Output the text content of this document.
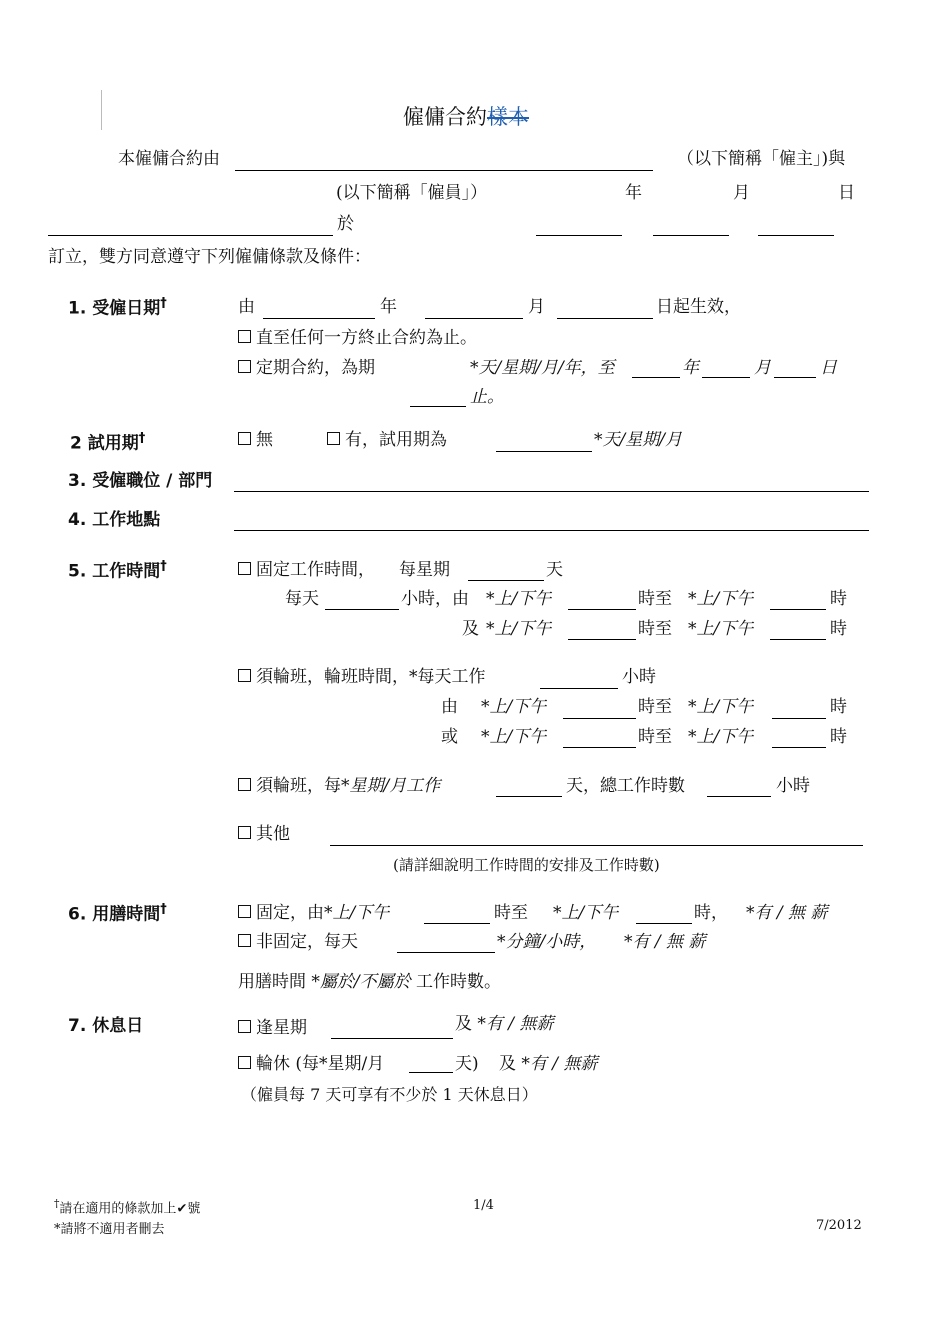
僱傭合約樣本
本僱傭合約由	（以下簡稱「僱主」)與
(以下簡稱「僱員」）	年	月	日
於
訂立，雙方同意遵守下列僱傭條款及條件：
1. 受僱日期†	由	年	月	日起生效，
直至任何一方終止合約為止。
定期合約，為期	*天/星期/月/年，至	年	月	日
止。
2 試用期†	無	有，試用期為	*天/星期/月
3. 受僱職位 / 部門
4. 工作地點
5. 工作時間†	固定工作時間， 每星期	天
每天	小時，由 *上/下午	時至 *上/下午	時
及 *上/下午	時至 *上/下午	時
須輪班，輪班時間，*每天工作	小時
由 *上/下午	時至 *上/下午	時
或 *上/下午	時至 *上/下午	時
須輪班，每*星期/月工作	天，總工作時數	小時
其他
(請詳細說明工作時間的安排及工作時數)
6. 用膳時間†	固定，由*上/下午	時至 *上/下午	時， *有 / 無 薪
非固定，每天	*分鐘/小時， *有 / 無 薪
用膳時間 *屬於/不屬於 工作時數。
7. 休息日	逢星期	及 *有 / 無薪
輪休 (每*星期/月	天) 及 *有 / 無薪
（僱員每 7 天可享有不少於 1 天休息日）
†請在適用的條款加上✔號
*請將不適用者刪去
1/4
7/2012
